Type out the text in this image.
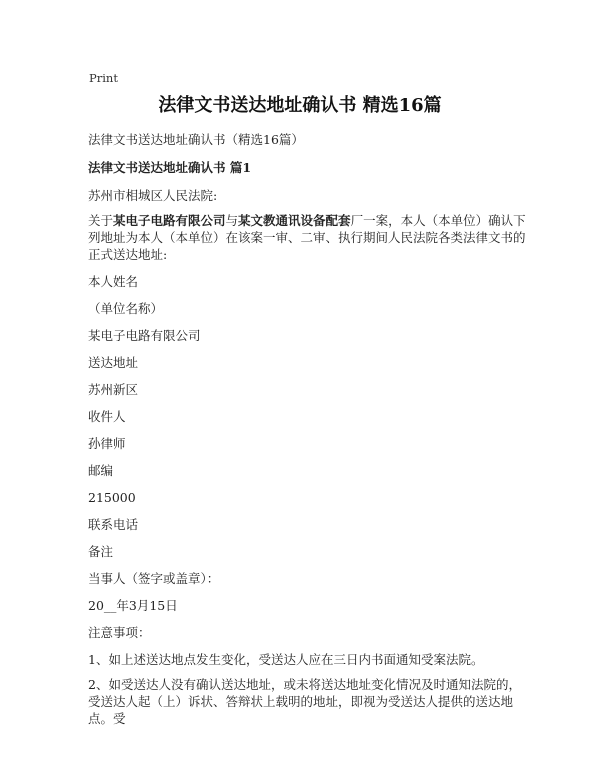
Print
法律文书送达地址确认书 精选16篇
法律文书送达地址确认书（精选16篇）
法律文书送达地址确认书 篇1
苏州市相城区人民法院:
关于某电子电路有限公司与某文教通讯设备配套厂一案，本人（本单位）确认下列地址为本人（本单位）在该案一审、二审、执行期间人民法院各类法律文书的正式送达地址:
本人姓名
（单位名称）
某电子电路有限公司
送达地址
苏州新区
收件人
孙律师
邮编
215000
联系电话
备注
当事人（签字或盖章）：
20__年3月15日
注意事项：
1、如上述送达地点发生变化，受送达人应在三日内书面通知受案法院。
2、如受送达人没有确认送达地址，或未将送达地址变化情况及时通知法院的，受送达人起（上）诉状、答辩状上载明的地址，即视为受送达人提供的送达地点。受
